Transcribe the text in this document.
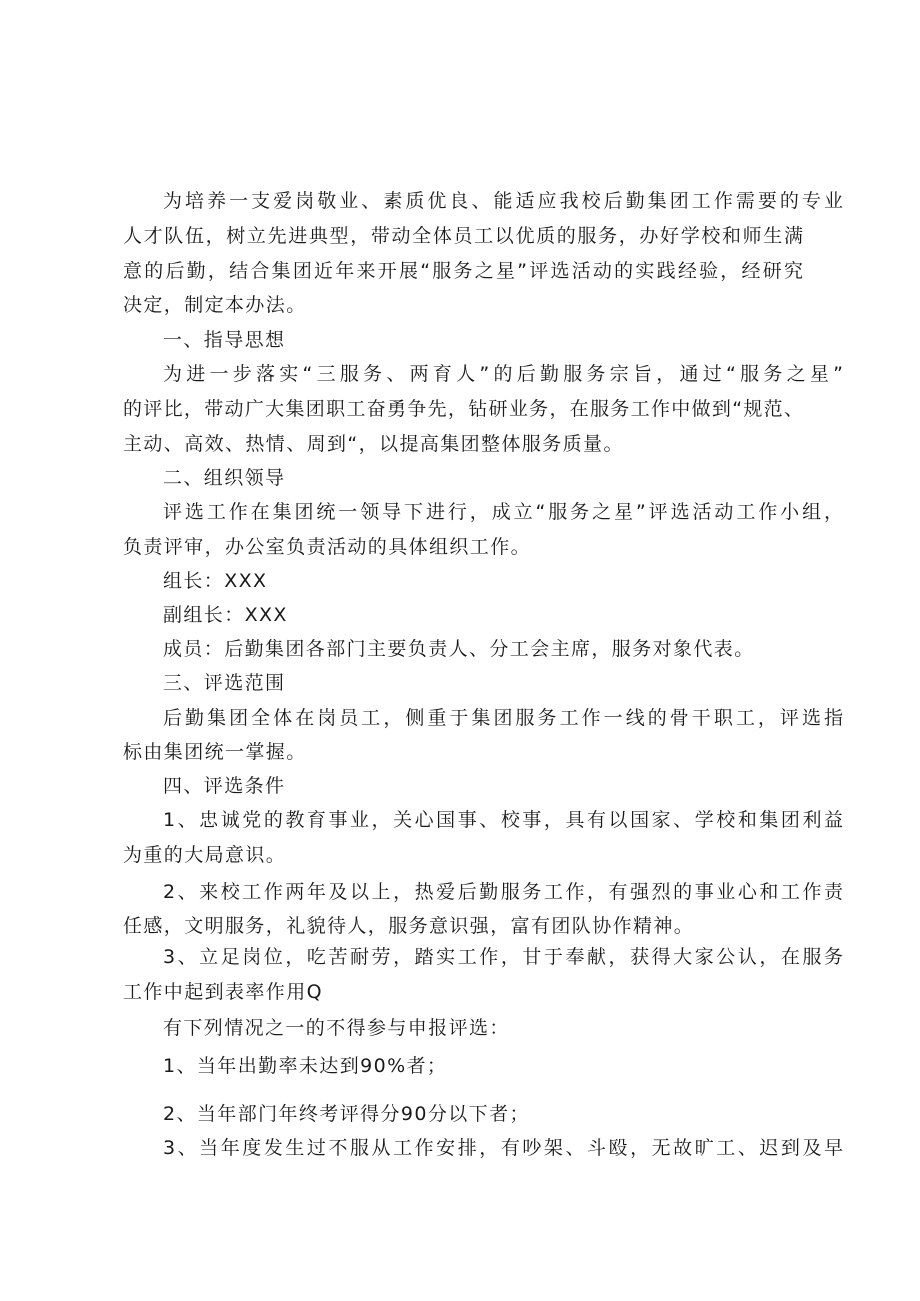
为培养一支爱岗敬业、素质优良、能适应我校后勤集团工作需要的专业
人才队伍，树立先进典型，带动全体员工以优质的服务，办好学校和师生满
意的后勤，结合集团近年来开展“服务之星”评选活动的实践经验，经研究
决定，制定本办法。
一、指导思想
为进一步落实“三服务、两育人”的后勤服务宗旨，通过“服务之星”
的评比，带动广大集团职工奋勇争先，钻研业务，在服务工作中做到“规范、
主动、高效、热情、周到“，以提高集团整体服务质量。
二、组织领导
评选工作在集团统一领导下进行，成立“服务之星”评选活动工作小组，
负责评审，办公室负责活动的具体组织工作。
组长：XXX
副组长：XXX
成员：后勤集团各部门主要负责人、分工会主席，服务对象代表。
三、评选范围
后勤集团全体在岗员工，侧重于集团服务工作一线的骨干职工，评选指
标由集团统一掌握。
四、评选条件
1、忠诚党的教育事业，关心国事、校事，具有以国家、学校和集团利益
为重的大局意识。
2、来校工作两年及以上，热爱后勤服务工作，有强烈的事业心和工作责
任感，文明服务，礼貌待人，服务意识强，富有团队协作精神。
3、立足岗位，吃苦耐劳，踏实工作，甘于奉献，获得大家公认，在服务
工作中起到表率作用Q
有下列情况之一的不得参与申报评选：
1、当年出勤率未达到90%者；
2、当年部门年终考评得分90分以下者；
3、当年度发生过不服从工作安排，有吵架、斗殴，无故旷工、迟到及早
